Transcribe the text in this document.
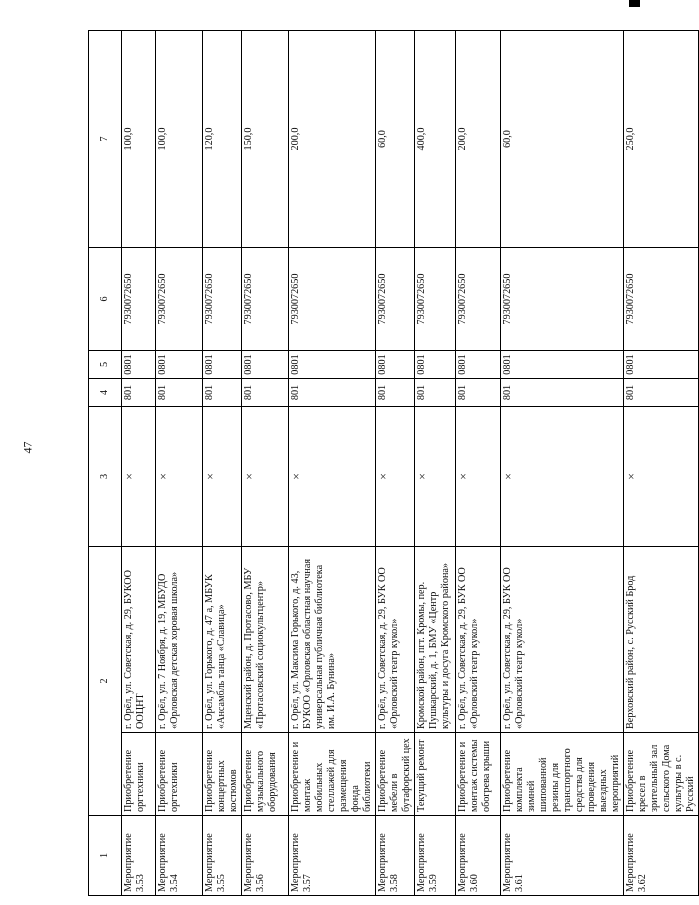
47
1	2		3	4	5	6	7
Мероприятие 3.53	Приобретение оргтехники	г. Орёл, ул. Советская, д. 29, БУКОО ООЦНТ	×	801	0801	7930072650	100,0
Мероприятие 3.54	Приобретение оргтехники	г. Орёл, ул. 7 Ноября, д. 19, МБУДО «Орловская детская хоровая школа»	×	801	0801	7930072650	100,0
Мероприятие 3.55	Приобретение концертных костюмов	г. Орёл, ул. Горького, д. 47 а, МБУК «Ансамбль танца «Славица»	×	801	0801	7930072650	120,0
Мероприятие 3.56	Приобретение музыкального оборудования	Мценский район, д. Протасово, МБУ «Протасовский социокультцентр»	×	801	0801	7930072650	150,0
Мероприятие 3.57	Приобретение и монтаж мобильных стеллажей для размещения фонда библиотеки	г. Орёл, ул. Максима Горького, д. 43, БУКОО «Орловская областная научная универсальная публичная библиотека им. И.А. Бунина»	×	801	0801	7930072650	200,0
Мероприятие 3.58	Приобретение мебели в бутафорский цех	г. Орёл, ул. Советская, д. 29, БУК ОО «Орловский театр кукол»	×	801	0801	7930072650	60,0
Мероприятие 3.59	Текущий ремонт	Кромской район, пгт. Кромы, пер. Пушкарский, д. 1, БМУ «Центр культуры и досуга Кромского района»	×	801	0801	7930072650	400,0
Мероприятие 3.60	Приобретение и монтаж системы обогрева крыши	г. Орёл, ул. Советская, д. 29, БУК ОО «Орловский театр кукол»	×	801	0801	7930072650	200,0
Мероприятие 3.61	Приобретение комплекта зимней шипованной резины для транспортного средства для проведения выездных мероприятий	г. Орёл, ул. Советская, д. 29, БУК ОО «Орловский театр кукол»	×	801	0801	7930072650	60,0
Мероприятие 3.62	Приобретение кресел в зрительный зал сельского Дома культуры в с. Русский	Верховский район, с. Русский Брод	×	801	0801	7930072650	250,0
